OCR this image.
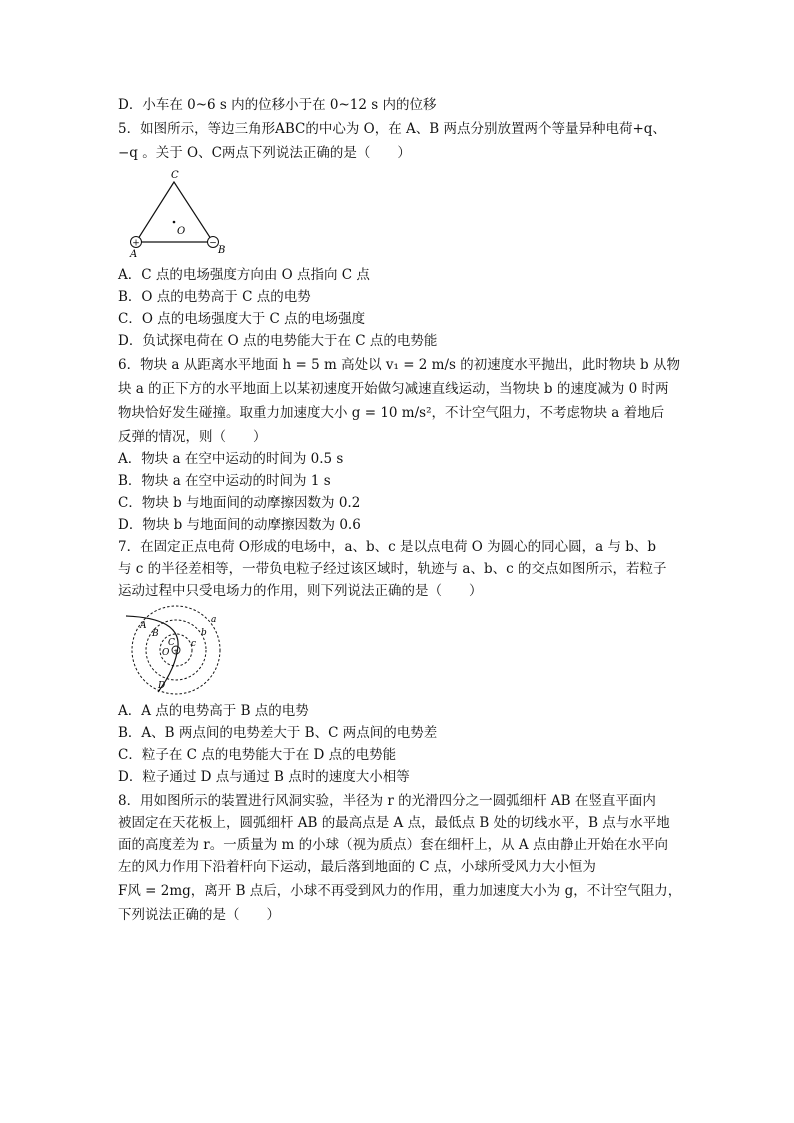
D．小车在 0~6 s 内的位移小于在 0~12 s 内的位移
5．如图所示，等边三角形ABC的中心为 O，在 A、B 两点分别放置两个等量异种电荷+q、
−q 。关于 O、C两点下列说法正确的是（　　）
+	−
C
O
A	B
A．C 点的电场强度方向由 O 点指向 C 点
B．O 点的电势高于 C 点的电势
C．O 点的电场强度大于 C 点的电场强度
D．负试探电荷在 O 点的电势能大于在 C 点的电势能
6．物块 a 从距离水平地面 h = 5 m 高处以 v₁ = 2 m/s 的初速度水平抛出，此时物块 b 从物
块 a 的正下方的水平地面上以某初速度开始做匀减速直线运动，当物块 b 的速度减为 0 时两
物块恰好发生碰撞。取重力加速度大小 g = 10 m/s²，不计空气阻力，不考虑物块 a 着地后
反弹的情况，则（　　）
A．物块 a 在空中运动的时间为 0.5 s
B．物块 a 在空中运动的时间为 1 s
C．物块 b 与地面间的动摩擦因数为 0.2
D．物块 b 与地面间的动摩擦因数为 0.6
7．在固定正点电荷 O形成的电场中，a、b、c 是以点电荷 O 为圆心的同心圆，a 与 b、b
与 c 的半径差相等，一带负电粒子经过该区域时，轨迹与 a、b、c 的交点如图所示，若粒子
运动过程中只受电场力的作用，则下列说法正确的是（　　）
+
A
B
C
D
O
a
b
c
A．A 点的电势高于 B 点的电势
B．A、B 两点间的电势差大于 B、C 两点间的电势差
C．粒子在 C 点的电势能大于在 D 点的电势能
D．粒子通过 D 点与通过 B 点时的速度大小相等
8．用如图所示的装置进行风洞实验，半径为 r 的光滑四分之一圆弧细杆 AB 在竖直平面内
被固定在天花板上，圆弧细杆 AB 的最高点是 A 点，最低点 B 处的切线水平，B 点与水平地
面的高度差为 r。一质量为 m 的小球（视为质点）套在细杆上，从 A 点由静止开始在水平向
左的风力作用下沿着杆向下运动，最后落到地面的 C 点，小球所受风力大小恒为
F风 = 2mg，离开 B 点后，小球不再受到风力的作用，重力加速度大小为 g，不计空气阻力，
下列说法正确的是（　　）
